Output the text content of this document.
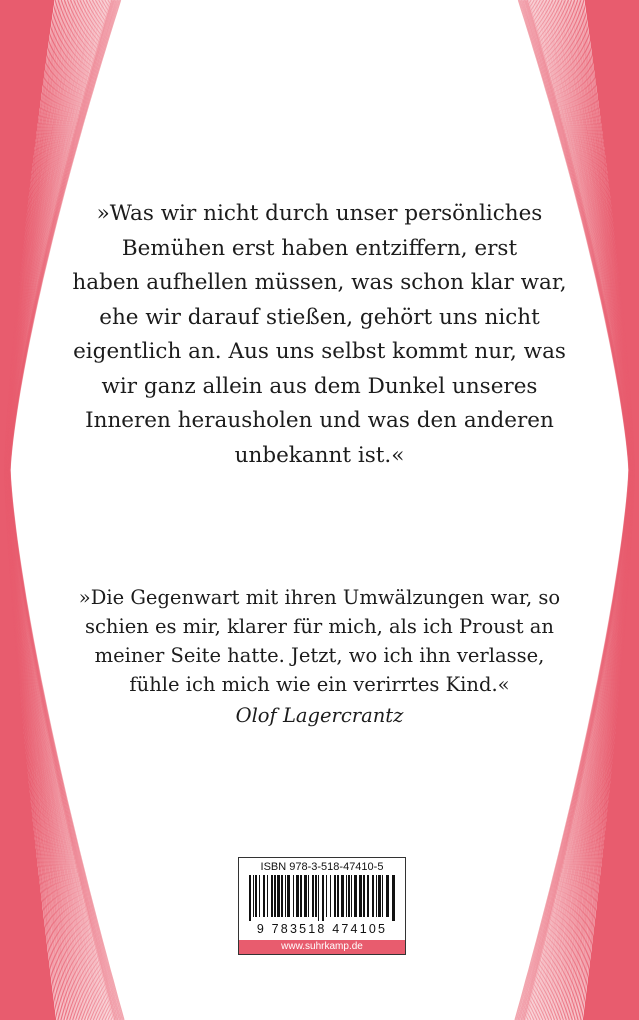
»Was wir nicht durch unser persönliches
Bemühen erst haben entziffern, erst
haben aufhellen müssen, was schon klar war,
ehe wir darauf stießen, gehört uns nicht
eigentlich an. Aus uns selbst kommt nur, was
wir ganz allein aus dem Dunkel unseres
Inneren herausholen und was den anderen
unbekannt ist.«
»Die Gegenwart mit ihren Umwälzungen war, so
schien es mir, klarer für mich, als ich Proust an
meiner Seite hatte. Jetzt, wo ich ihn verlasse,
fühle ich mich wie ein verirrtes Kind.«
Olof Lagercrantz
ISBN 978-3-518-47410-5
9 783518 474105
www.suhrkamp.de
